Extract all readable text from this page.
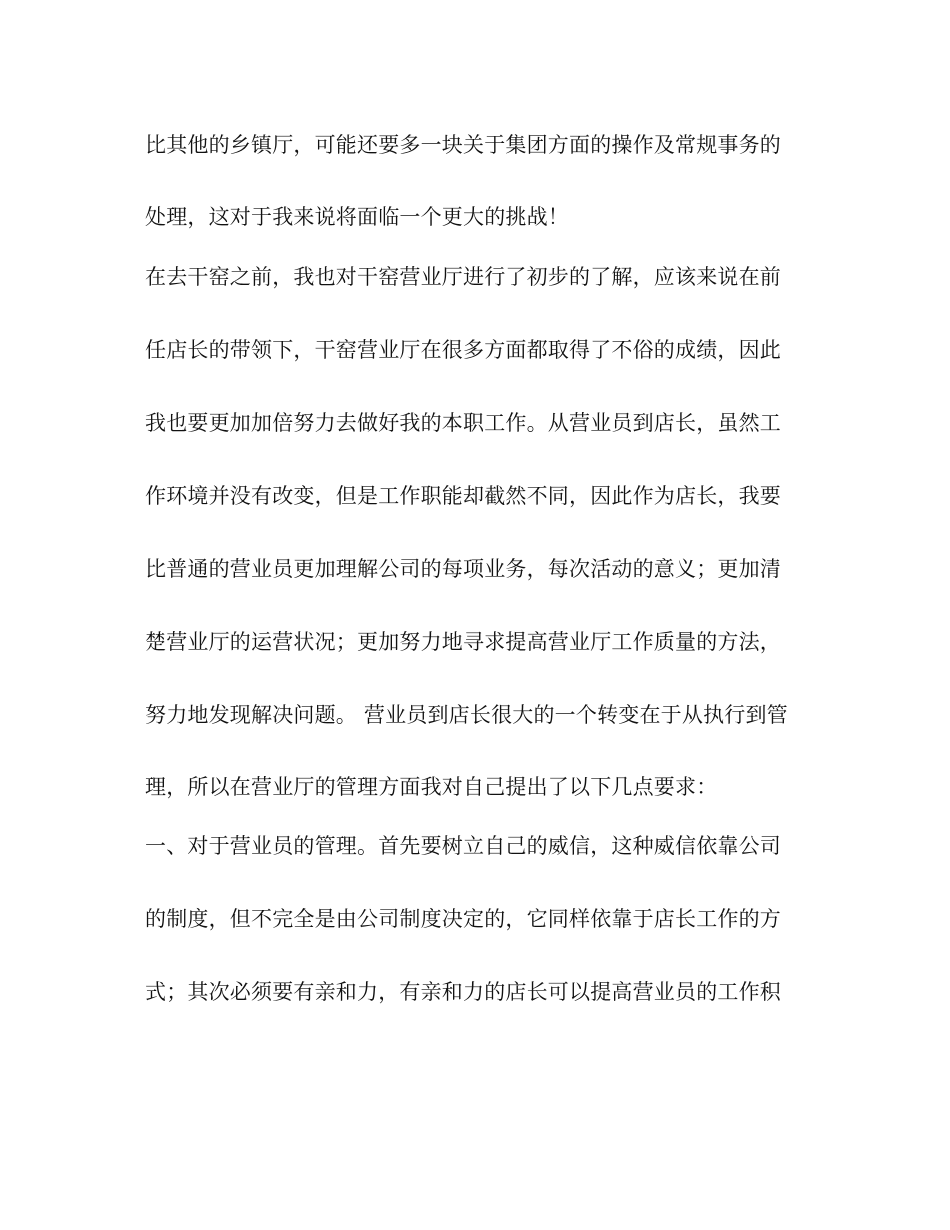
比其他的乡镇厅，可能还要多一块关于集团方面的操作及常规事务的
处理，这对于我来说将面临一个更大的挑战！
在去干窑之前，我也对干窑营业厅进行了初步的了解，应该来说在前
任店长的带领下，干窑营业厅在很多方面都取得了不俗的成绩，因此
我也要更加加倍努力去做好我的本职工作。从营业员到店长，虽然工
作环境并没有改变，但是工作职能却截然不同，因此作为店长，我要
比普通的营业员更加理解公司的每项业务，每次活动的意义；更加清
楚营业厅的运营状况；更加努力地寻求提高营业厅工作质量的方法，
努力地发现解决问题。 营业员到店长很大的一个转变在于从执行到管
理，所以在营业厅的管理方面我对自己提出了以下几点要求：
一、对于营业员的管理。首先要树立自己的威信，这种威信依靠公司
的制度，但不完全是由公司制度决定的，它同样依靠于店长工作的方
式；其次必须要有亲和力，有亲和力的店长可以提高营业员的工作积
